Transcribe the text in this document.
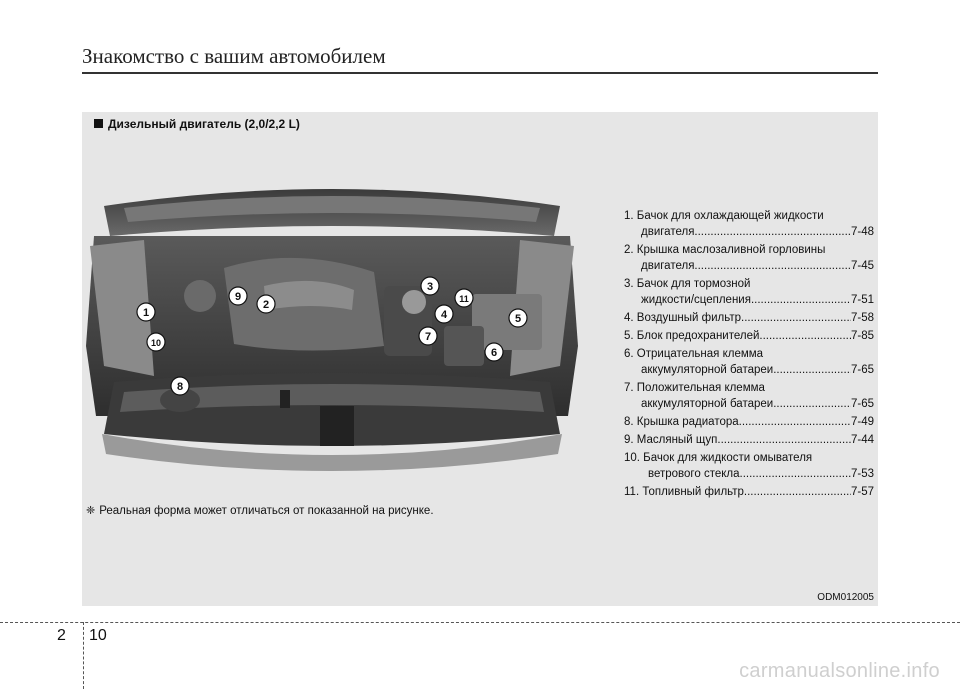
Знакомство с вашим автомобилем
Дизельный двигатель (2,0/2,2 L)
1
2
3
4	5
6
7
8
9
10
11
1. Бачок для охлаждающей жидкости
двигателя .....	7-48
2. Крышка маслозаливной горловины
двигателя .....	7-45
3. Бачок для тормозной
жидкости/сцепления .....	7-51
4. Воздушный фильтр .....	7-58
5. Блок предохранителей .....	7-85
6. Отрицательная клемма
аккумуляторной батареи .....	7-65
7. Положительная клемма
аккумуляторной батареи .....	7-65
8. Крышка радиатора .....	7-49
9. Масляный щуп .....	7-44
10. Бачок для жидкости омывателя
ветрового стекла .....	7-53
11. Топливный фильтр .....	7-57
❈ Реальная форма может отличаться от показанной на рисунке.
ODM012005
2 10
carmanualsonline.info
